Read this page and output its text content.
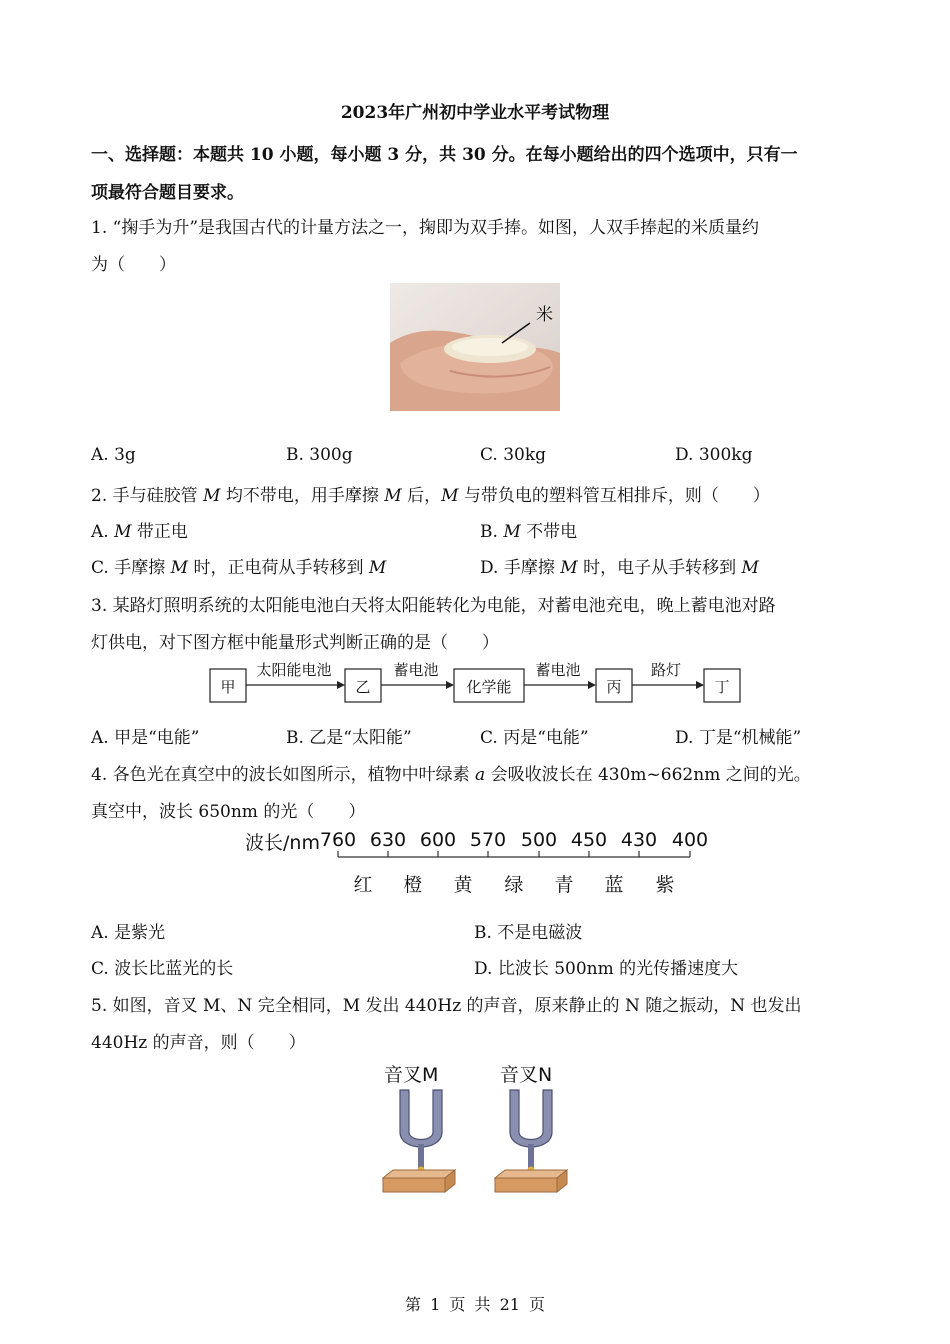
2023年广州初中学业水平考试物理
一、选择题：本题共 10 小题，每小题 3 分，共 30 分。在每小题给出的四个选项中，只有一
项最符合题目要求。
1. “掬手为升”是我国古代的计量方法之一，掬即为双手捧。如图，人双手捧起的米质量约
为（　　）
米
A. 3g	B. 300g	C. 30kg	D. 300kg
2. 手与硅胶管 M 均不带电，用手摩擦 M 后，M 与带负电的塑料管互相排斥，则（　　）
A. M 带正电	B. M 不带电
C. 手摩擦 M 时，正电荷从手转移到 M	D. 手摩擦 M 时，电子从手转移到 M
3. 某路灯照明系统的太阳能电池白天将太阳能转化为电能，对蓄电池充电，晚上蓄电池对路
灯供电，对下图方框中能量形式判断正确的是（　　）
甲	乙	化学能	丙	丁
太阳能电池	蓄电池	蓄电池	路灯
A. 甲是“电能”	B. 乙是“太阳能”	C. 丙是“电能”	D. 丁是“机械能”
4. 各色光在真空中的波长如图所示，植物中叶绿素 a 会吸收波长在 430m~662nm 之间的光。
真空中，波长 650nm 的光（　　）
波长/nm 760 630 600 570 500 450 430 400
红 橙 黄 绿 青 蓝 紫
A. 是紫光	B. 不是电磁波
C. 波长比蓝光的长	D. 比波长 500nm 的光传播速度大
5. 如图，音叉 M、N 完全相同，M 发出 440Hz 的声音，原来静止的 N 随之振动，N 也发出
440Hz 的声音，则（　　）
音叉M	音叉N
第 1 页 共 21 页
